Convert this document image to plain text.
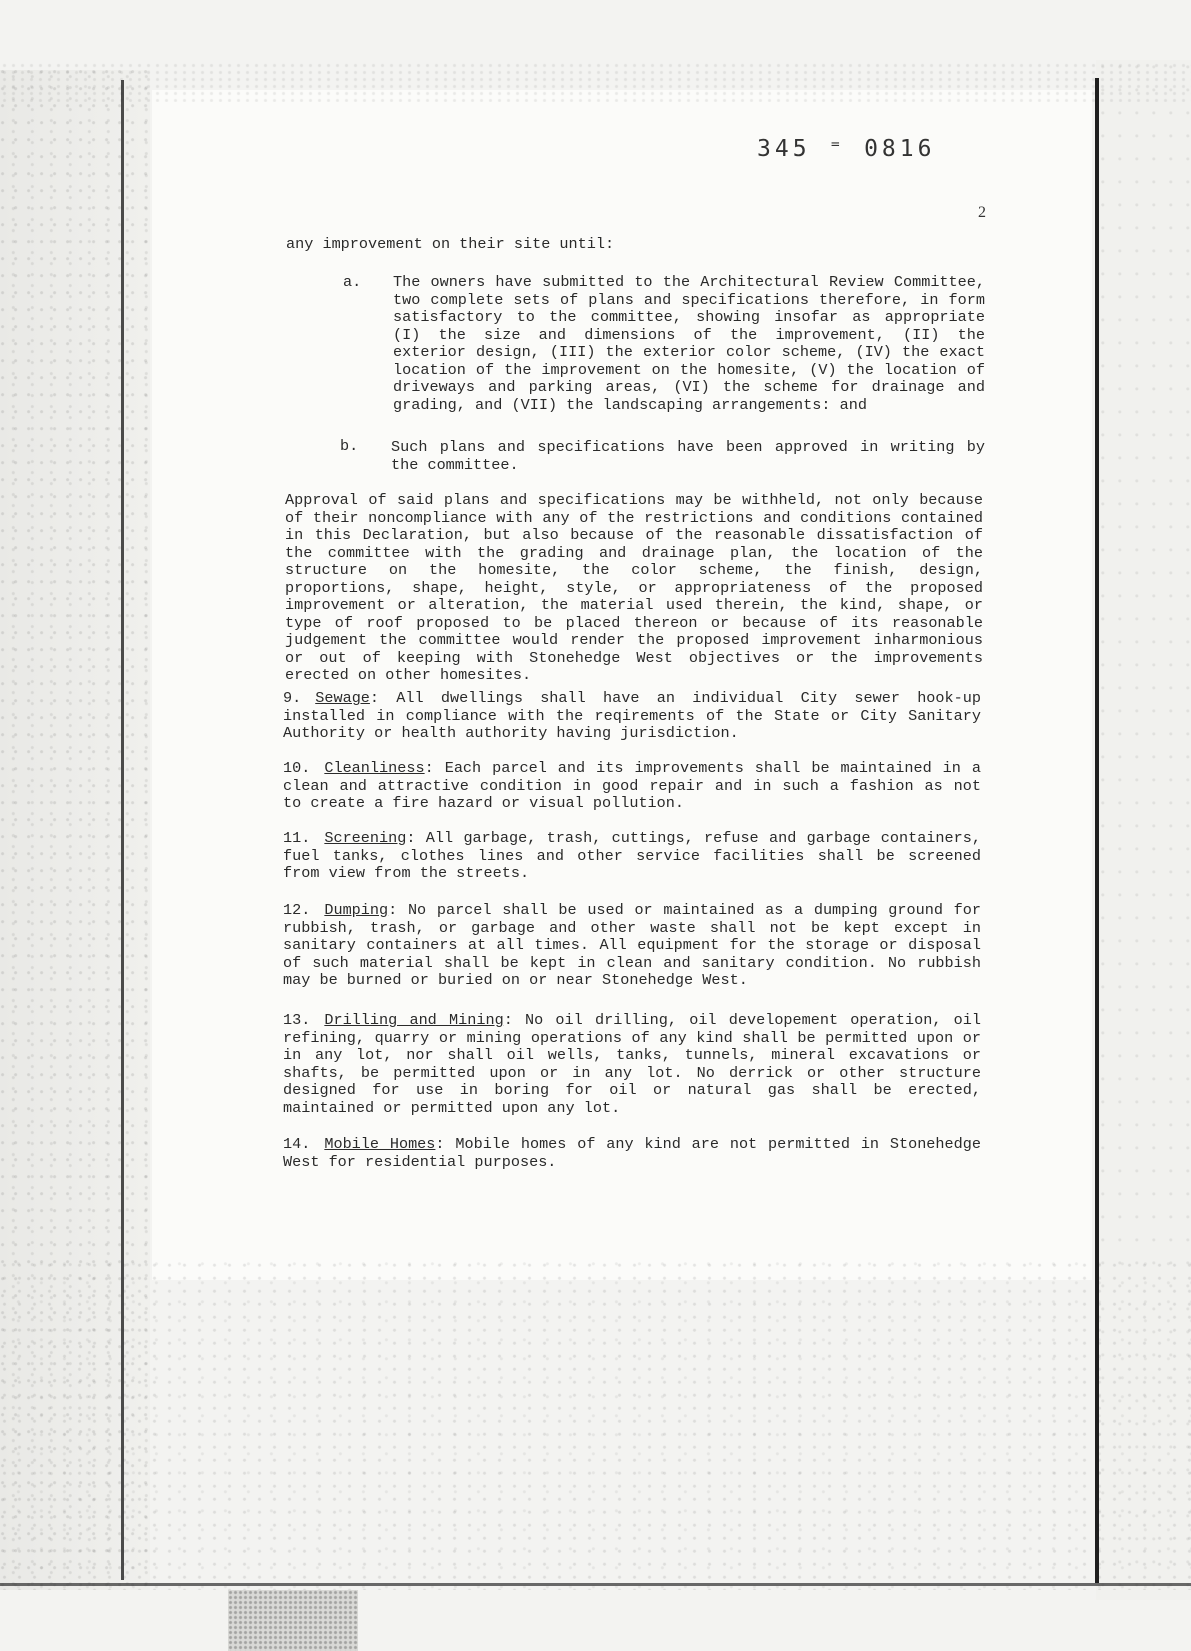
345 ⁼ 0816
2

any improvement on their site until:

a. The owners have submitted to the Architectural Review Committee, two complete sets of plans and specifications therefore, in form satisfactory to the committee, showing insofar as appropriate (I) the size and dimensions of the improvement, (II) the exterior design, (III) the exterior color scheme, (IV) the exact location of the improvement on the homesite, (V) the location of driveways and parking areas, (VI) the scheme for drainage and grading, and (VII) the landscaping arrangements: and

b. Such plans and specifications have been approved in writing by the committee.

Approval of said plans and specifications may be withheld, not only because of their noncompliance with any of the restrictions and conditions contained in this Declaration, but also because of the reasonable dissatisfaction of the committee with the grading and drainage plan, the location of the structure on the homesite, the color scheme, the finish, design, proportions, shape, height, style, or appropriateness of the proposed improvement or alteration, the material used therein, the kind, shape, or type of roof proposed to be placed thereon or because of its reasonable judgement the committee would render the proposed improvement inharmonious or out of keeping with Stonehedge West objectives or the improvements erected on other homesites.

9. Sewage: All dwellings shall have an individual City sewer hook-up installed in compliance with the reqirements of the State or City Sanitary Authority or health authority having jurisdiction.

10. Cleanliness: Each parcel and its improvements shall be maintained in a clean and attractive condition in good repair and in such a fashion as not to create a fire hazard or visual pollution.

11. Screening: All garbage, trash, cuttings, refuse and garbage containers, fuel tanks, clothes lines and other service facilities shall be screened from view from the streets.

12. Dumping: No parcel shall be used or maintained as a dumping ground for rubbish, trash, or garbage and other waste shall not be kept except in sanitary containers at all times. All equipment for the storage or disposal of such material shall be kept in clean and sanitary condition. No rubbish may be burned or buried on or near Stonehedge West.

13. Drilling and Mining: No oil drilling, oil developement operation, oil refining, quarry or mining operations of any kind shall be permitted upon or in any lot, nor shall oil wells, tanks, tunnels, mineral excavations or shafts, be permitted upon or in any lot. No derrick or other structure designed for use in boring for oil or natural gas shall be erected, maintained or permitted upon any lot.

14. Mobile Homes: Mobile homes of any kind are not permitted in Stonehedge West for residential purposes.
